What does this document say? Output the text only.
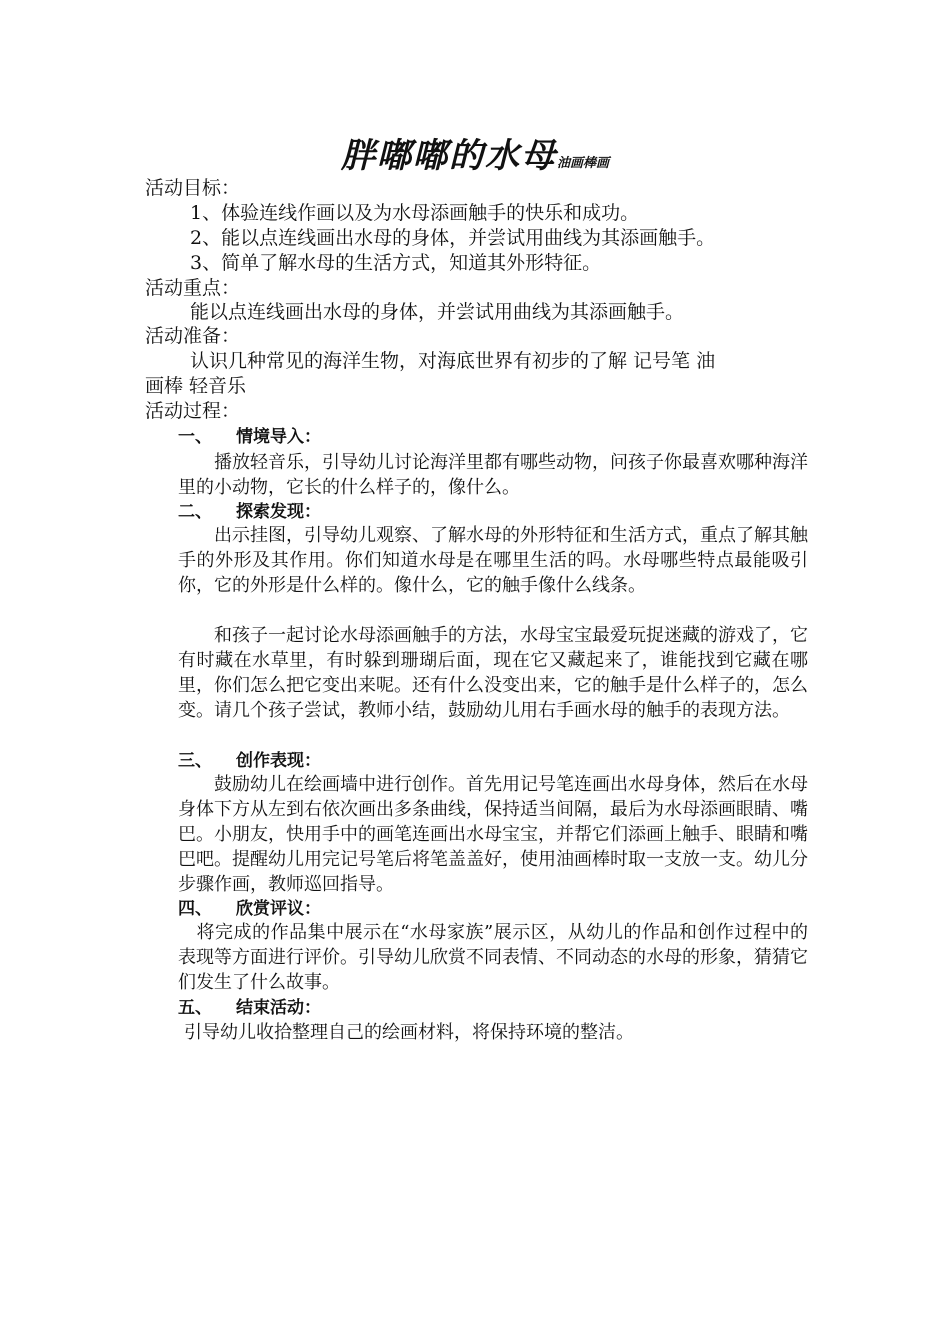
胖嘟嘟的水母油画棒画
活动目标：
1、体验连线作画以及为水母添画触手的快乐和成功。
2、能以点连线画出水母的身体，并尝试用曲线为其添画触手。
3、简单了解水母的生活方式，知道其外形特征。
活动重点：
能以点连线画出水母的身体，并尝试用曲线为其添画触手。
活动准备：
认识几种常见的海洋生物，对海底世界有初步的了解 记号笔 油
画棒 轻音乐
活动过程：
一、 情境导入：
　　播放轻音乐，引导幼儿讨论海洋里都有哪些动物，问孩子你最喜欢哪种海洋里的小动物，它长的什么样子的，像什么。
二、 探索发现：
　　出示挂图，引导幼儿观察、了解水母的外形特征和生活方式，重点了解其触手的外形及其作用。你们知道水母是在哪里生活的吗。水母哪些特点最能吸引你，它的外形是什么样的。像什么，它的触手像什么线条。
　　和孩子一起讨论水母添画触手的方法，水母宝宝最爱玩捉迷藏的游戏了，它有时藏在水草里，有时躲到珊瑚后面，现在它又藏起来了，谁能找到它藏在哪里，你们怎么把它变出来呢。还有什么没变出来，它的触手是什么样子的，怎么变。请几个孩子尝试，教师小结，鼓励幼儿用右手画水母的触手的表现方法。
三、 创作表现：
　　鼓励幼儿在绘画墙中进行创作。首先用记号笔连画出水母身体，然后在水母身体下方从左到右依次画出多条曲线，保持适当间隔，最后为水母添画眼睛、嘴巴。小朋友，快用手中的画笔连画出水母宝宝，并帮它们添画上触手、眼睛和嘴巴吧。提醒幼儿用完记号笔后将笔盖盖好，使用油画棒时取一支放一支。幼儿分步骤作画，教师巡回指导。
四、 欣赏评议：
　将完成的作品集中展示在“水母家族”展示区，从幼儿的作品和创作过程中的表现等方面进行评价。引导幼儿欣赏不同表情、不同动态的水母的形象，猜猜它们发生了什么故事。
五、 结束活动：
引导幼儿收拾整理自己的绘画材料，将保持环境的整洁。
